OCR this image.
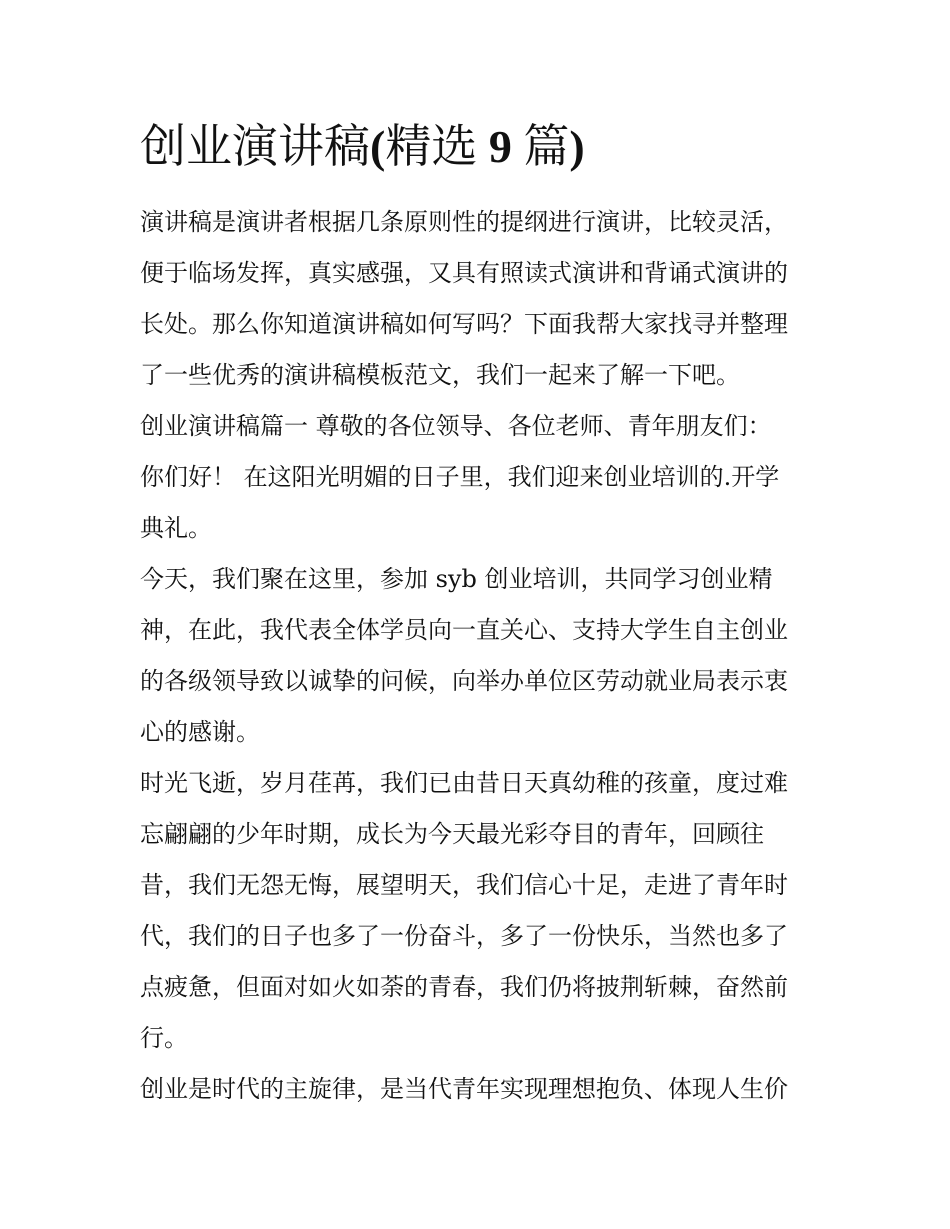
创业演讲稿(精选 9 篇)

演讲稿是演讲者根据几条原则性的提纲进行演讲，比较灵活，

便于临场发挥，真实感强，又具有照读式演讲和背诵式演讲的

长处。那么你知道演讲稿如何写吗？下面我帮大家找寻并整理

了一些优秀的演讲稿模板范文，我们一起来了解一下吧。

创业演讲稿篇一 尊敬的各位领导、各位老师、青年朋友们：

你们好！ 在这阳光明媚的日子里，我们迎来创业培训的.开学

典礼。

今天，我们聚在这里，参加 syb 创业培训，共同学习创业精

神，在此，我代表全体学员向一直关心、支持大学生自主创业

的各级领导致以诚挚的问候，向举办单位区劳动就业局表示衷

心的感谢。

时光飞逝，岁月荏苒，我们已由昔日天真幼稚的孩童，度过难

忘翩翩的少年时期，成长为今天最光彩夺目的青年，回顾往

昔，我们无怨无悔，展望明天，我们信心十足，走进了青年时

代，我们的日子也多了一份奋斗，多了一份快乐，当然也多了

点疲惫，但面对如火如荼的青春，我们仍将披荆斩棘，奋然前

行。

创业是时代的主旋律，是当代青年实现理想抱负、体现人生价
